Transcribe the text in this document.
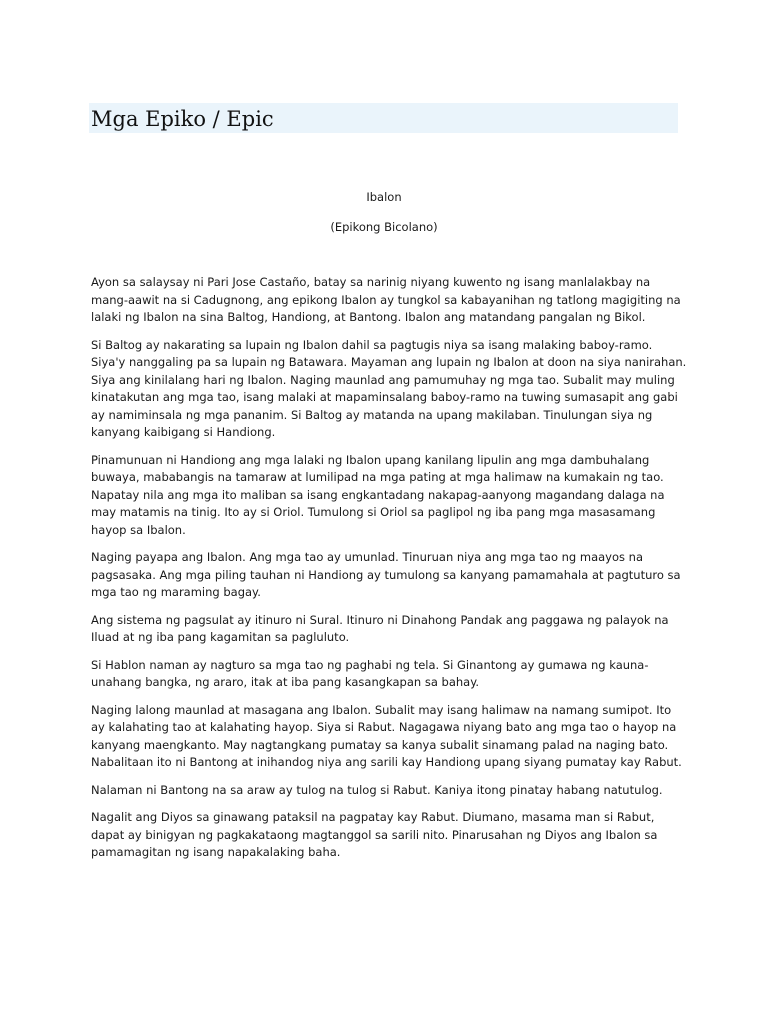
Mga Epiko / Epic

Ibalon

(Epikong Bicolano)

Ayon sa salaysay ni Pari Jose Castaño, batay sa narinig niyang kuwento ng isang manlalakbay na mang-aawit na si Cadugnong, ang epikong Ibalon ay tungkol sa kabayanihan ng tatlong magigiting na lalaki ng Ibalon na sina Baltog, Handiong, at Bantong. Ibalon ang matandang pangalan ng Bikol.

Si Baltog ay nakarating sa lupain ng Ibalon dahil sa pagtugis niya sa isang malaking baboy-ramo. Siya'y nanggaling pa sa lupain ng Batawara. Mayaman ang lupain ng Ibalon at doon na siya nanirahan. Siya ang kinilalang hari ng Ibalon. Naging maunlad ang pamumuhay ng mga tao. Subalit may muling kinatakutan ang mga tao, isang malaki at mapaminsalang baboy-ramo na tuwing sumasapit ang gabi ay namiminsala ng mga pananim. Si Baltog ay matanda na upang makilaban. Tinulungan siya ng kanyang kaibigang si Handiong.

Pinamunuan ni Handiong ang mga lalaki ng Ibalon upang kanilang lipulin ang mga dambuhalang buwaya, mababangis na tamaraw at lumilipad na mga pating at mga halimaw na kumakain ng tao. Napatay nila ang mga ito maliban sa isang engkantadang nakapag-aanyong magandang dalaga na may matamis na tinig. Ito ay si Oriol. Tumulong si Oriol sa paglipol ng iba pang mga masasamang hayop sa Ibalon.

Naging payapa ang Ibalon. Ang mga tao ay umunlad. Tinuruan niya ang mga tao ng maayos na pagsasaka. Ang mga piling tauhan ni Handiong ay tumulong sa kanyang pamamahala at pagtuturo sa mga tao ng maraming bagay.

Ang sistema ng pagsulat ay itinuro ni Sural. Itinuro ni Dinahong Pandak ang paggawa ng palayok na Iluad at ng iba pang kagamitan sa pagluluto.

Si Hablon naman ay nagturo sa mga tao ng paghabi ng tela. Si Ginantong ay gumawa ng kauna-unahang bangka, ng araro, itak at iba pang kasangkapan sa bahay.

Naging lalong maunlad at masagana ang Ibalon. Subalit may isang halimaw na namang sumipot. Ito ay kalahating tao at kalahating hayop. Siya si Rabut. Nagagawa niyang bato ang mga tao o hayop na kanyang maengkanto. May nagtangkang pumatay sa kanya subalit sinamang palad na naging bato. Nabalitaan ito ni Bantong at inihandog niya ang sarili kay Handiong upang siyang pumatay kay Rabut.

Nalaman ni Bantong na sa araw ay tulog na tulog si Rabut. Kaniya itong pinatay habang natutulog.

Nagalit ang Diyos sa ginawang pataksil na pagpatay kay Rabut. Diumano, masama man si Rabut, dapat ay binigyan ng pagkakataong magtanggol sa sarili nito. Pinarusahan ng Diyos ang Ibalon sa pamamagitan ng isang napakalaking baha.
